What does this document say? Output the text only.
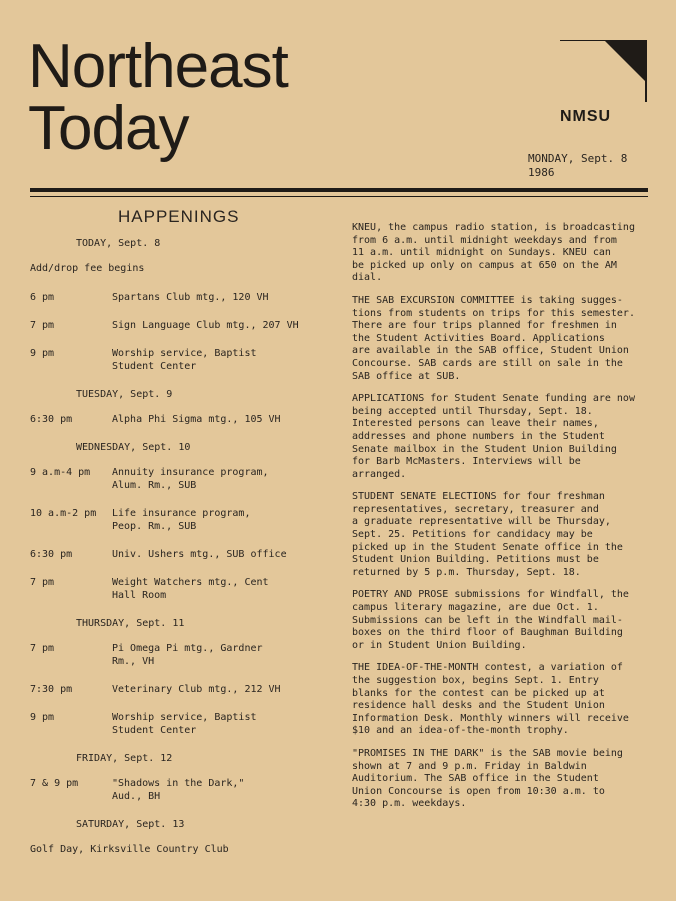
Northeast
Today	NMSU
MONDAY, Sept. 8
1986
HAPPENINGS
TODAY, Sept. 8
Add/drop fee begins
6 pm	Spartans Club mtg., 120 VH
7 pm	Sign Language Club mtg., 207 VH
9 pm	Worship service, Baptist
Student Center
TUESDAY, Sept. 9
6:30 pm	Alpha Phi Sigma mtg., 105 VH
WEDNESDAY, Sept. 10
9 a.m-4 pm	Annuity insurance program,
Alum. Rm., SUB
10 a.m-2 pm	Life insurance program,
Peop. Rm., SUB
6:30 pm	Univ. Ushers mtg., SUB office
7 pm	Weight Watchers mtg., Cent
Hall Room
THURSDAY, Sept. 11
7 pm	Pi Omega Pi mtg., Gardner
Rm., VH
7:30 pm	Veterinary Club mtg., 212 VH
9 pm	Worship service, Baptist
Student Center
FRIDAY, Sept. 12
7 & 9 pm	"Shadows in the Dark,"
Aud., BH
SATURDAY, Sept. 13
Golf Day, Kirksville Country Club

KNEU, the campus radio station, is broadcasting
from 6 a.m. until midnight weekdays and from
11 a.m. until midnight on Sundays. KNEU can
be picked up only on campus at 650 on the AM
dial.

THE SAB EXCURSION COMMITTEE is taking sugges-
tions from students on trips for this semester.
There are four trips planned for freshmen in
the Student Activities Board. Applications
are available in the SAB office, Student Union
Concourse. SAB cards are still on sale in the
SAB office at SUB.

APPLICATIONS for Student Senate funding are now
being accepted until Thursday, Sept. 18.
Interested persons can leave their names,
addresses and phone numbers in the Student
Senate mailbox in the Student Union Building
for Barb McMasters. Interviews will be
arranged.

STUDENT SENATE ELECTIONS for four freshman
representatives, secretary, treasurer and
a graduate representative will be Thursday,
Sept. 25. Petitions for candidacy may be
picked up in the Student Senate office in the
Student Union Building. Petitions must be
returned by 5 p.m. Thursday, Sept. 18.

POETRY AND PROSE submissions for Windfall, the
campus literary magazine, are due Oct. 1.
Submissions can be left in the Windfall mail-
boxes on the third floor of Baughman Building
or in Student Union Building.

THE IDEA-OF-THE-MONTH contest, a variation of
the suggestion box, begins Sept. 1. Entry
blanks for the contest can be picked up at
residence hall desks and the Student Union
Information Desk. Monthly winners will receive
$10 and an idea-of-the-month trophy.

"PROMISES IN THE DARK" is the SAB movie being
shown at 7 and 9 p.m. Friday in Baldwin
Auditorium. The SAB office in the Student
Union Concourse is open from 10:30 a.m. to
4:30 p.m. weekdays.
